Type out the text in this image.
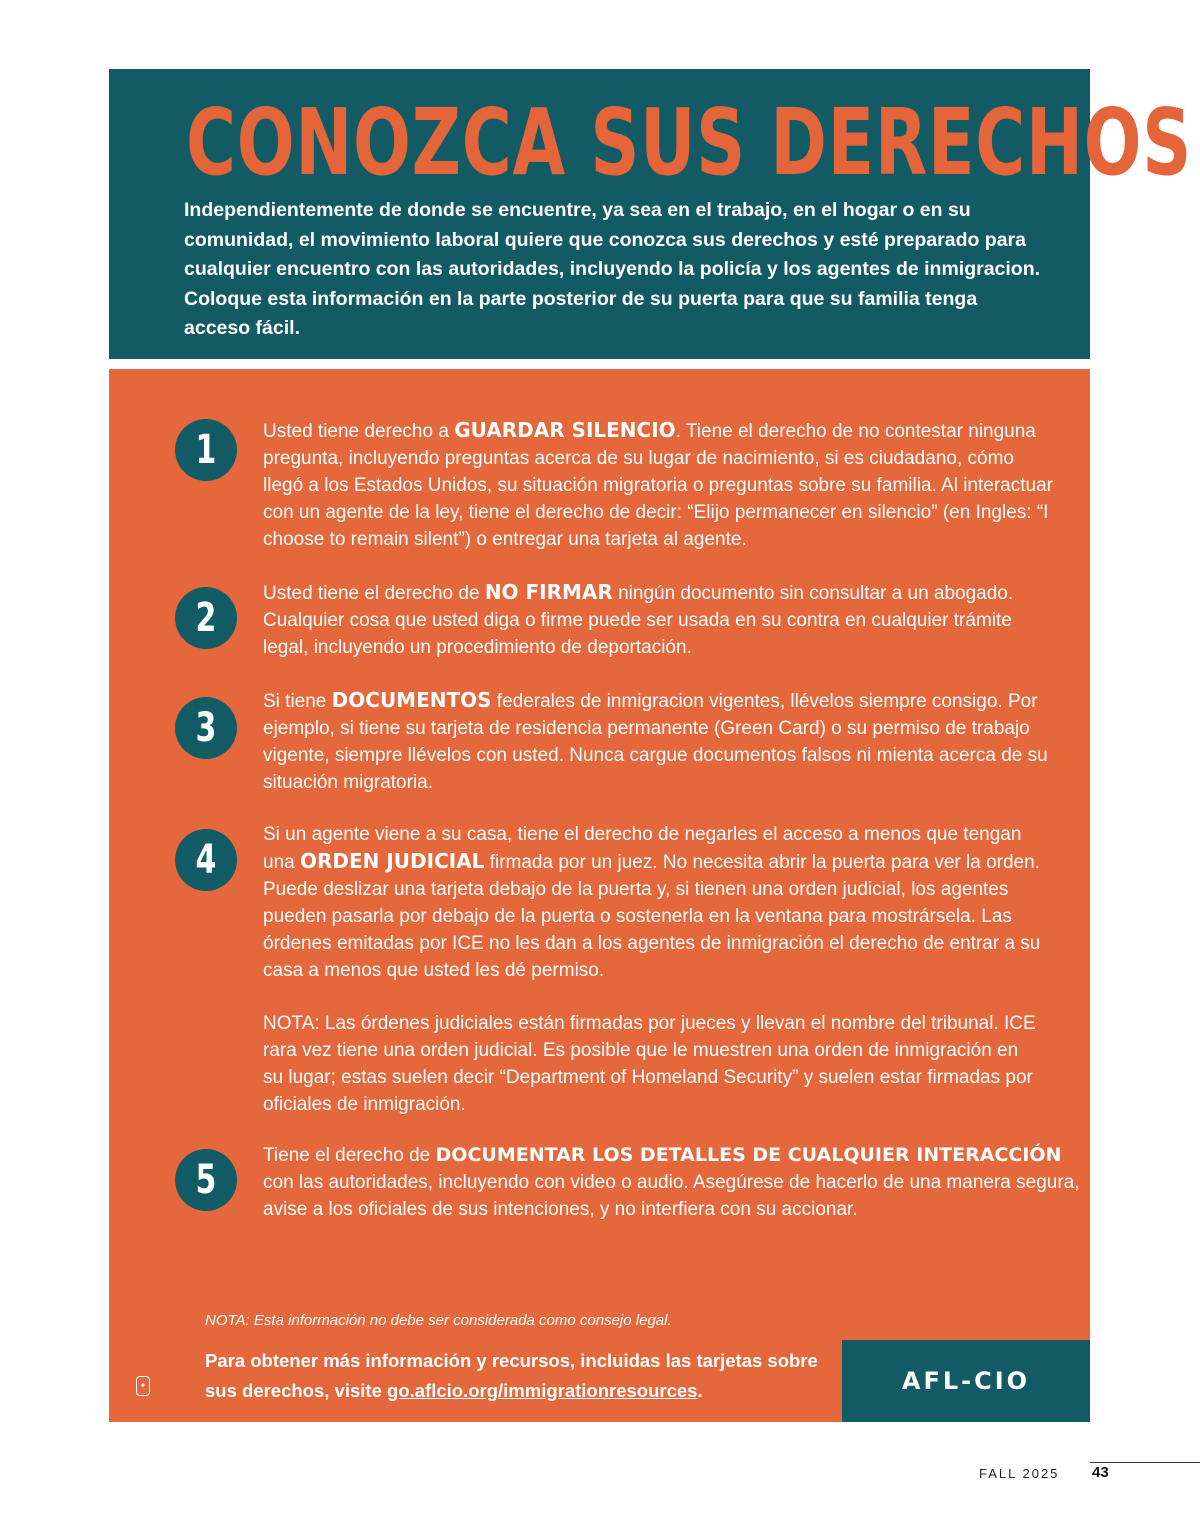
CONOZCA SUS DERECHOS

Independientemente de donde se encuentre, ya sea en el trabajo, en el hogar o en su comunidad, el movimiento laboral quiere que conozca sus derechos y esté preparado para cualquier encuentro con las autoridades, incluyendo la policía y los agentes de inmigracion. Coloque esta información en la parte posterior de su puerta para que su familia tenga acceso fácil.

1	Usted tiene derecho a GUARDAR SILENCIO. Tiene el derecho de no contestar ninguna pregunta, incluyendo preguntas acerca de su lugar de nacimiento, si es ciudadano, cómo llegó a los Estados Unidos, su situación migratoria o preguntas sobre su familia. Al interactuar con un agente de la ley, tiene el derecho de decir: “Elijo permanecer en silencio” (en Ingles: “I choose to remain silent”) o entregar una tarjeta al agente.

2

Usted tiene el derecho de NO FIRMAR ningún documento sin consultar a un abogado. Cualquier cosa que usted diga o firme puede ser usada en su contra en cualquier trámite legal, incluyendo un procedimiento de deportación.

3

Si tiene DOCUMENTOS federales de inmigracion vigentes, llévelos siempre consigo. Por ejemplo, si tiene su tarjeta de residencia permanente (Green Card) o su permiso de trabajo vigente, siempre llévelos con usted. Nunca cargue documentos falsos ni mienta acerca de su situación migratoria.

4

Si un agente viene a su casa, tiene el derecho de negarles el acceso a menos que tengan una ORDEN JUDICIAL firmada por un juez. No necesita abrir la puerta para ver la orden. Puede deslizar una tarjeta debajo de la puerta y, si tienen una orden judicial, los agentes pueden pasarla por debajo de la puerta o sostenerla en la ventana para mostrársela. Las órdenes emitadas por ICE no les dan a los agentes de inmigración el derecho de entrar a su casa a menos que usted les dé permiso.

NOTA: Las órdenes judiciales están firmadas por jueces y llevan el nombre del tribunal. ICE rara vez tiene una orden judicial. Es posible que le muestren una orden de inmigración en su lugar; estas suelen decir “Department of Homeland Security” y suelen estar firmadas por oficiales de inmigración.

5

Tiene el derecho de DOCUMENTAR LOS DETALLES DE CUALQUIER INTERACCIÓN con las autoridades, incluyendo con video o audio. Asegúrese de hacerlo de una manera segura, avise a los oficiales de sus intenciones, y no interfiera con su accionar.

NOTA: Esta información no debe ser considerada como consejo legal.

Para obtener más información y recursos, incluidas las tarjetas sobre sus derechos, visite go.aflcio.org/immigrationresources.

✦	AFL-CIO
FALL 2025 43
